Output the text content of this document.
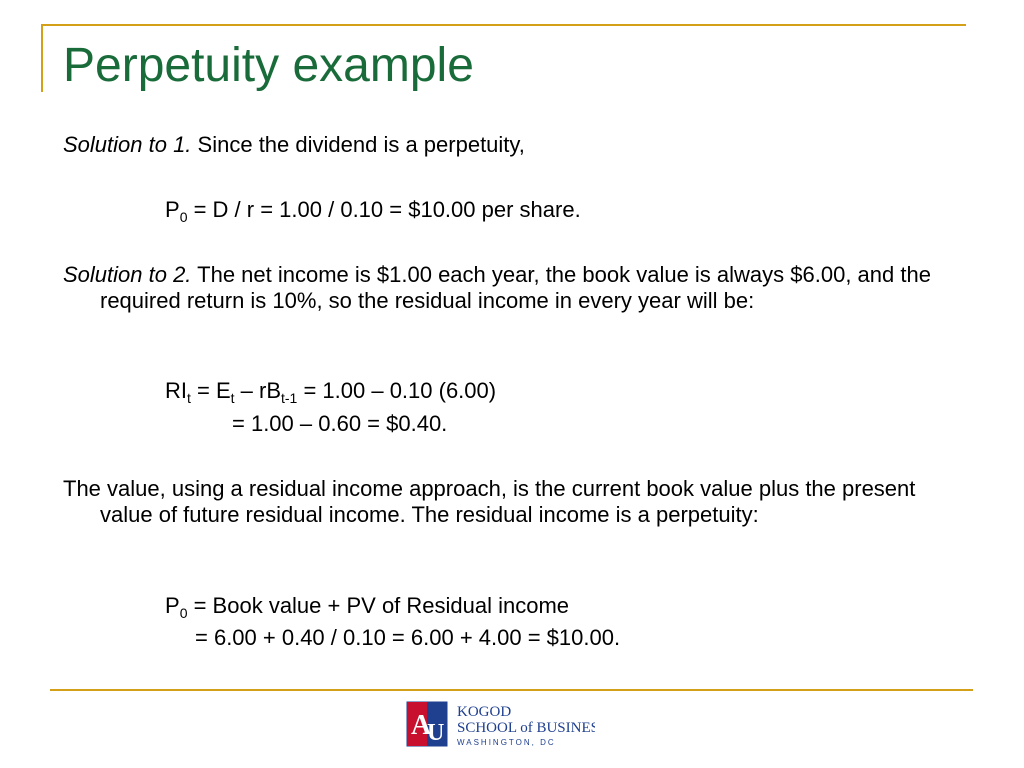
Perpetuity example

Solution to 1. Since the dividend is a perpetuity,

$P_0 = D / r = 1.00 / 0.10$ = $10.00 per share.

Solution to 2. The net income is $1.00 each year, the book value is always $6.00, and the required return is 10%, so the residual income in every year will be:

$RI_t = E_t - rB_{t-1} = 1.00 - 0.10$ (6.00)
= 1.00 – 0.60 = $0.40.

The value, using a residual income approach, is the current book value plus the present value of future residual income. The residual income is a perpetuity:

$P_0$ = Book value + PV of Residual income
= 6.00 + 0.40 / 0.10 = 6.00 + 4.00 = $10.00.
A
U
KOGOD
SCHOOL of BUSINESS
WASHINGTON, DC
